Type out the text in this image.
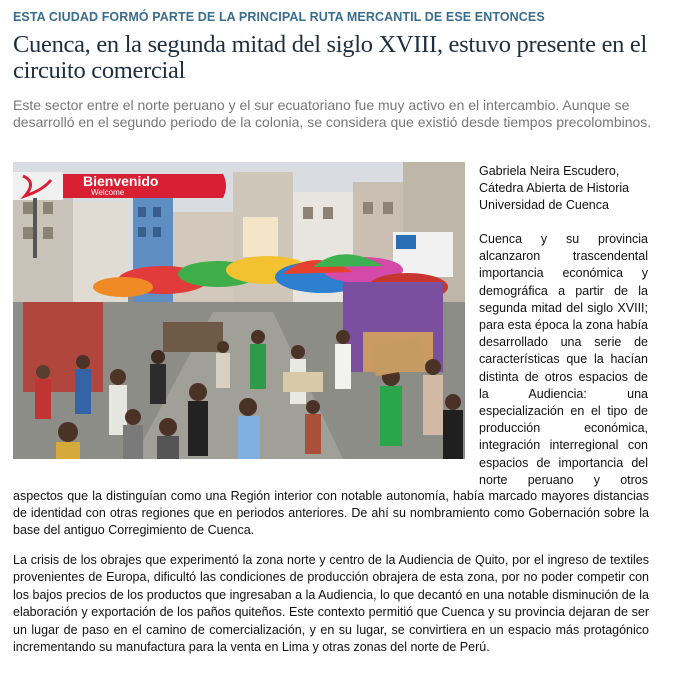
ESTA CIUDAD FORMÓ PARTE DE LA PRINCIPAL RUTA MERCANTIL DE ESE ENTONCES
Cuenca, en la segunda mitad del siglo XVIII, estuvo presente en el circuito comercial
Este sector entre el norte peruano y el sur ecuatoriano fue muy activo en el intercambio. Aunque se desarrolló en el segundo periodo de la colonia, se considera que existió desde tiempos precolombinos.
Bienvenido
Welcome
Gabriela Neira Escudero,
Cátedra Abierta de Historia
Universidad de Cuenca
Cuenca y su provincia alcanzaron trascendental importancia económica y demográfica a partir de la segunda mitad del siglo XVIII; para esta época la zona había desarrollado una serie de características que la hacían distinta de otros espacios de la Audiencia: una especialización en el tipo de producción económica, integración interregional con espacios de importancia del norte peruano y otros
aspectos que la distinguían como una Región interior con notable autonomía, había marcado mayores distancias de identidad con otras regiones que en periodos anteriores. De ahí su nombramiento como Gobernación sobre la base del antiguo Corregimiento de Cuenca.
La crisis de los obrajes que experimentó la zona norte y centro de la Audiencia de Quito, por el ingreso de textiles provenientes de Europa, dificultó las condiciones de producción obrajera de esta zona, por no poder competir con los bajos precios de los productos que ingresaban a la Audiencia, lo que decantó en una notable disminución de la elaboración y exportación de los paños quiteños. Este contexto permitió que Cuenca y su provincia dejaran de ser un lugar de paso en el camino de comercialización, y en su lugar, se convirtiera en un espacio más protagónico incrementando su manufactura para la venta en Lima y otras zonas del norte de Perú.
